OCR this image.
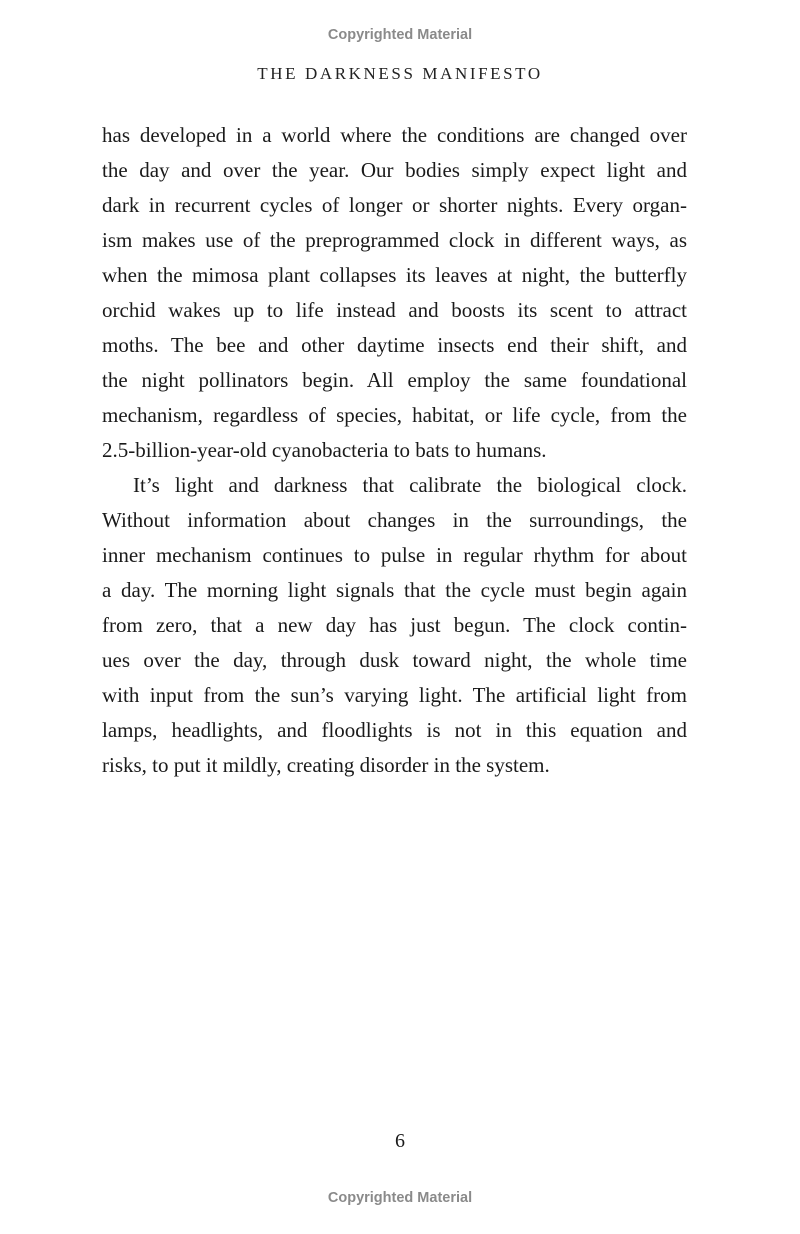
Copyrighted Material
THE DARKNESS MANIFESTO
has developed in a world where the conditions are changed over
the day and over the year. Our bodies simply expect light and
dark in recurrent cycles of longer or shorter nights. Every organ-
ism makes use of the preprogrammed clock in different ways, as
when the mimosa plant collapses its leaves at night, the butterfly
orchid wakes up to life instead and boosts its scent to attract
moths. The bee and other daytime insects end their shift, and
the night pollinators begin. All employ the same foundational
mechanism, regardless of species, habitat, or life cycle, from the
2.5-billion-year-old cyanobacteria to bats to humans.
It’s light and darkness that calibrate the biological clock.
Without information about changes in the surroundings, the
inner mechanism continues to pulse in regular rhythm for about
a day. The morning light signals that the cycle must begin again
from zero, that a new day has just begun. The clock contin-
ues over the day, through dusk toward night, the whole time
with input from the sun’s varying light. The artificial light from
lamps, headlights, and floodlights is not in this equation and
risks, to put it mildly, creating disorder in the system.
6
Copyrighted Material
